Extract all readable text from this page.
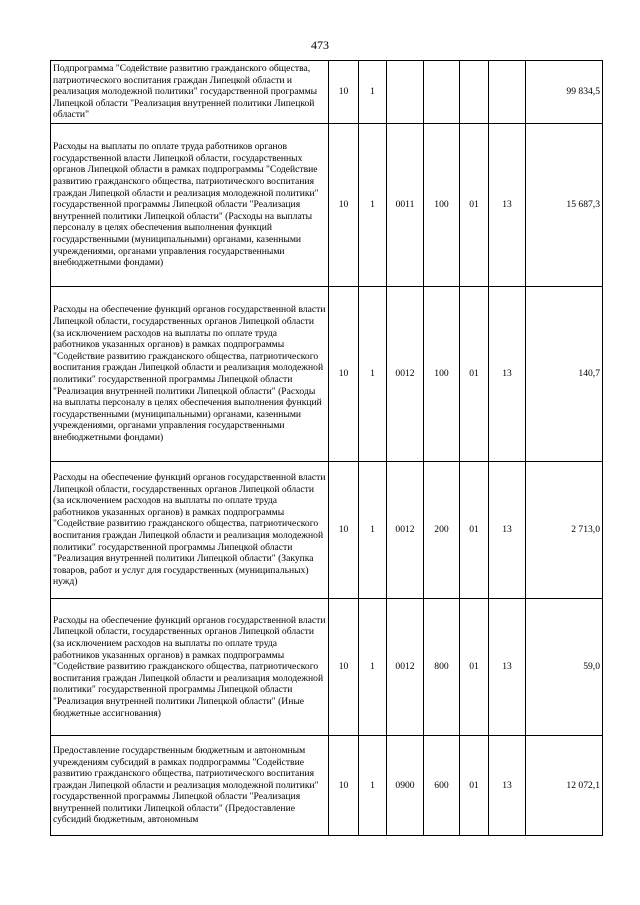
473
Подпрограмма "Содействие развитию гражданского общества, патриотического воспитания граждан Липецкой области и реализация молодежной политики" государственной программы Липецкой области "Реализация внутренней политики Липецкой области"	10	1					99 834,5
Расходы на выплаты по оплате труда работников органов государственной власти Липецкой области, государственных органов Липецкой области в рамках подпрограммы "Содействие развитию гражданского общества, патриотического воспитания граждан Липецкой области и реализация молодежной политики" государственной программы Липецкой области "Реализация внутренней политики Липецкой области" (Расходы на выплаты персоналу в целях обеспечения выполнения функций государственными (муниципальными) органами, казенными учреждениями, органами управления государственными внебюджетными фондами)	10	1	0011	100	01	13	15 687,3
Расходы на обеспечение функций органов государственной власти Липецкой области, государственных органов Липецкой области (за исключением расходов на выплаты по оплате труда работников указанных органов) в рамках подпрограммы "Содействие развитию гражданского общества, патриотического воспитания граждан Липецкой области и реализация молодежной политики" государственной программы Липецкой области "Реализация внутренней политики Липецкой области" (Расходы на выплаты персоналу в целях обеспечения выполнения функций государственными (муниципальными) органами, казенными учреждениями, органами управления государственными внебюджетными фондами)	10	1	0012	100	01	13	140,7
Расходы на обеспечение функций органов государственной власти Липецкой области, государственных органов Липецкой области (за исключением расходов на выплаты по оплате труда работников указанных органов) в рамках подпрограммы "Содействие развитию гражданского общества, патриотического воспитания граждан Липецкой области и реализация молодежной политики" государственной программы Липецкой области "Реализация внутренней политики Липецкой области" (Закупка товаров, работ и услуг для государственных (муниципальных) нужд)	10	1	0012	200	01	13	2 713,0
Расходы на обеспечение функций органов государственной власти Липецкой области, государственных органов Липецкой области (за исключением расходов на выплаты по оплате труда работников указанных органов) в рамках подпрограммы "Содействие развитию гражданского общества, патриотического воспитания граждан Липецкой области и реализация молодежной политики" государственной программы Липецкой области "Реализация внутренней политики Липецкой области" (Иные бюджетные ассигнования)	10	1	0012	800	01	13	59,0
Предоставление государственным бюджетным и автономным учреждениям субсидий в рамках подпрограммы "Содействие развитию гражданского общества, патриотического воспитания граждан Липецкой области и реализация молодежной политики" государственной программы Липецкой области "Реализация внутренней политики Липецкой области" (Предоставление субсидий бюджетным, автономным	10	1	0900	600	01	13	12 072,1
